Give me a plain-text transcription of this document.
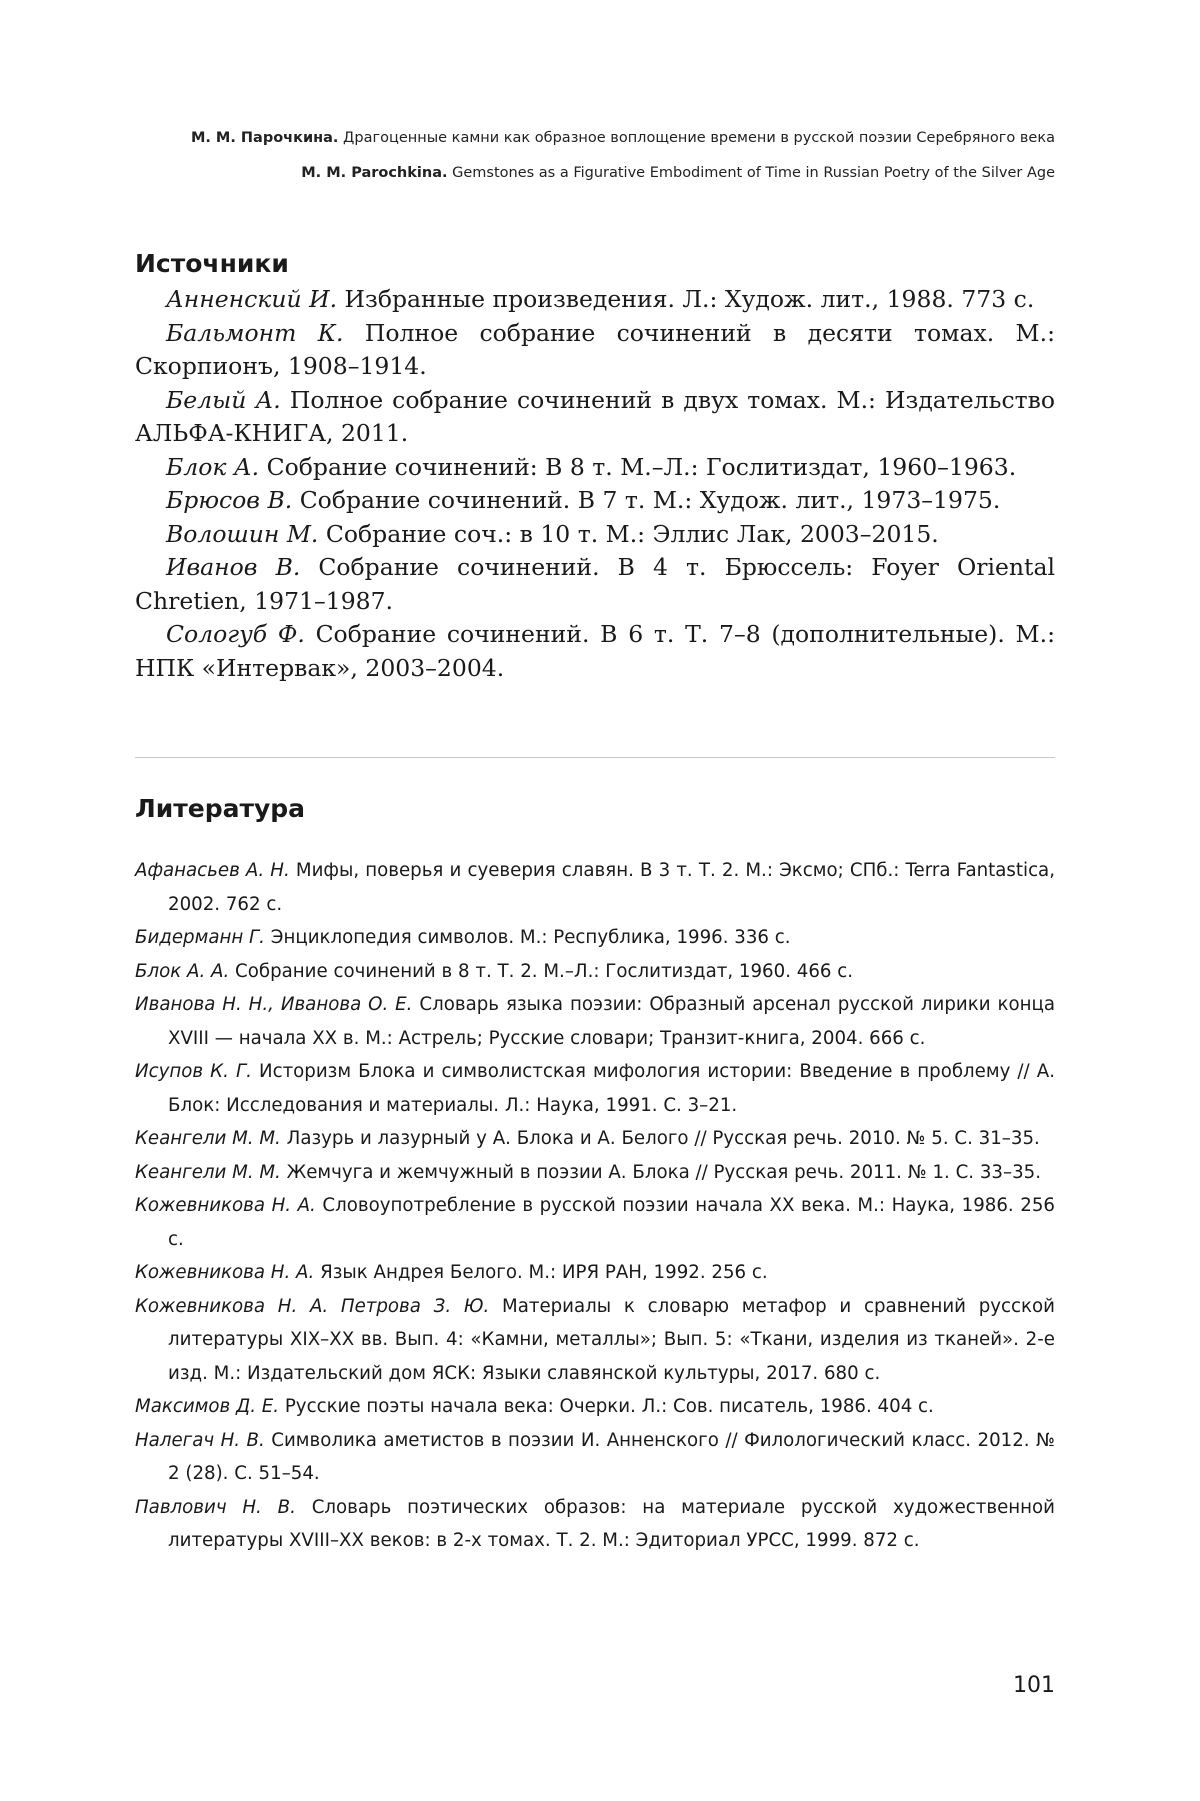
М. М. Парочкина. Драгоценные камни как образное воплощение времени в русской поэзии Серебряного века
M. M. Parochkina. Gemstones as a Figurative Embodiment of Time in Russian Poetry of the Silver Age
Источники

Анненский И. Избранные произведения. Л.: Худож. лит., 1988. 773 с.

Бальмонт К. Полное собрание сочинений в десяти томах. М.: Скорпионъ, 1908–1914.

Белый А. Полное собрание сочинений в двух томах. М.: Издательство АЛЬФА-КНИГА, 2011.

Блок А. Собрание сочинений: В 8 т. М.–Л.: Гослитиздат, 1960–1963.

Брюсов В. Собрание сочинений. В 7 т. М.: Худож. лит., 1973–1975.

Волошин М. Собрание соч.: в 10 т. М.: Эллис Лак, 2003–2015.

Иванов В. Собрание сочинений. В 4 т. Брюссель: Foyer Oriental Chretien, 1971–1987.

Сологуб Ф. Собрание сочинений. В 6 т. Т. 7–8 (дополнительные). М.: НПК «Интервак», 2003–2004.

Литература

Афанасьев А. Н. Мифы, поверья и суеверия славян. В 3 т. Т. 2. М.: Эксмо; СПб.: Terra Fantastica, 2002. 762 с.

Бидерманн Г. Энциклопедия символов. М.: Республика, 1996. 336 с.

Блок А. А. Собрание сочинений в 8 т. Т. 2. М.–Л.: Гослитиздат, 1960. 466 с.

Иванова Н. Н., Иванова О. Е. Словарь языка поэзии: Образный арсенал русской лирики конца XVIII — начала XX в. М.: Астрель; Русские словари; Транзит-книга, 2004. 666 с.

Исупов К. Г. Историзм Блока и символистская мифология истории: Введение в проблему // А. Блок: Исследования и материалы. Л.: Наука, 1991. С. 3–21.

Кеангели М. М. Лазурь и лазурный у А. Блока и А. Белого // Русская речь. 2010. № 5. С. 31–35.

Кеангели М. М. Жемчуга и жемчужный в поэзии А. Блока // Русская речь. 2011. № 1. С. 33–35.

Кожевникова Н. А. Словоупотребление в русской поэзии начала XX века. М.: Наука, 1986. 256 с.

Кожевникова Н. А. Язык Андрея Белого. М.: ИРЯ РАН, 1992. 256 с.

Кожевникова Н. А. Петрова З. Ю. Материалы к словарю метафор и сравнений русской литературы XIX–XX вв. Вып. 4: «Камни, металлы»; Вып. 5: «Ткани, изделия из тканей». 2-е изд. М.: Издательский дом ЯСК: Языки славянской культуры, 2017. 680 с.

Максимов Д. Е. Русские поэты начала века: Очерки. Л.: Сов. писатель, 1986. 404 с.

Налегач Н. В. Символика аметистов в поэзии И. Анненского // Филологический класс. 2012. № 2 (28). С. 51–54.

Павлович Н. В. Словарь поэтических образов: на материале русской художественной литературы XVIII–XX веков: в 2-х томах. Т. 2. М.: Эдиториал УРСС, 1999. 872 с.

101
